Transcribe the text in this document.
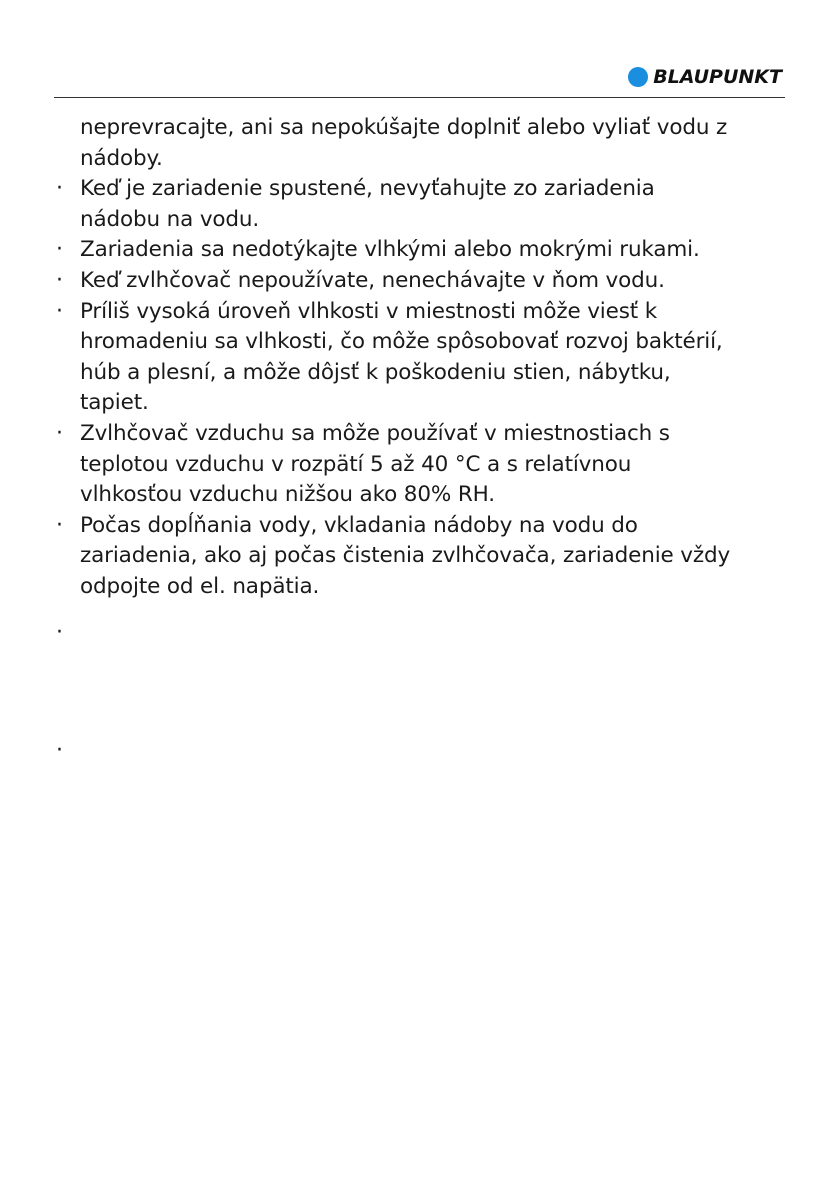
BLAUPUNKT
neprevracajte, ani sa nepokúšajte doplniť alebo vyliať vodu z
nádoby.
· Keď je zariadenie spustené, nevyťahujte zo zariadenia
nádobu na vodu.
· Zariadenia sa nedotýkajte vlhkými alebo mokrými rukami.
· Keď zvlhčovač nepoužívate, nenechávajte v ňom vodu.
· Príliš vysoká úroveň vlhkosti v miestnosti môže viesť k
hromadeniu sa vlhkosti, čo môže spôsobovať rozvoj baktérií,
húb a plesní, a môže dôjsť k poškodeniu stien, nábytku,
tapiet.
· Zvlhčovač vzduchu sa môže používať v miestnostiach s
teplotou vzduchu v rozpätí 5 až 40 °C a s relatívnou
vlhkosťou vzduchu nižšou ako 80% RH.
· Počas dopĺňania vody, vkladania nádoby na vodu do
zariadenia, ako aj počas čistenia zvlhčovača, zariadenie vždy
odpojte od el. napätia.
·
·
